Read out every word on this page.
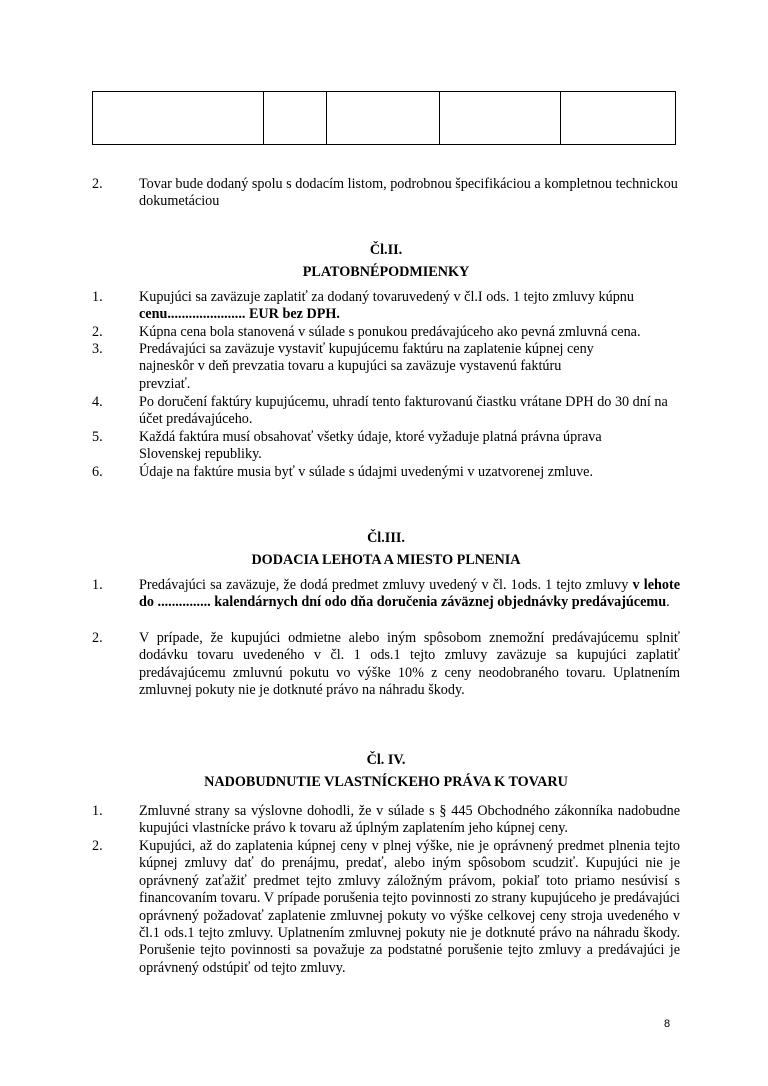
2.	Tovar bude dodaný spolu s dodacím listom, podrobnou špecifikáciou a kompletnou technickou dokumetáciou
Čl.II.
PLATOBNÉPODMIENKY
1.	Kupujúci sa zaväzuje zaplatiť za dodaný tovaruvedený v čl.I ods. 1 tejto zmluvy kúpnu cenu...................... EUR bez DPH.
2.	Kúpna cena bola stanovená v súlade s ponukou predávajúceho ako pevná zmluvná cena.
3.	Predávajúci sa zaväzuje vystaviť kupujúcemu faktúru na zaplatenie kúpnej ceny najneskôr v deň prevzatia tovaru a kupujúci sa zaväzuje vystavenú faktúru prevziať.
4.	Po doručení faktúry kupujúcemu, uhradí tento fakturovanú čiastku vrátane DPH do 30 dní na účet predávajúceho.
5.	Každá faktúra musí obsahovať všetky údaje, ktoré vyžaduje platná právna úprava Slovenskej republiky.
6.	Údaje na faktúre musia byť v súlade s údajmi uvedenými v uzatvorenej zmluve.
Čl.III.
DODACIA LEHOTA A MIESTO PLNENIA
1.	Predávajúci sa zaväzuje, že dodá predmet zmluvy uvedený v čl. 1ods. 1 tejto zmluvy v lehote do ............... kalendárnych dní odo dňa doručenia záväznej objednávky predávajúcemu.
2.	V prípade, že kupujúci odmietne alebo iným spôsobom znemožní predávajúcemu splniť dodávku tovaru uvedeného v čl. 1 ods.1 tejto zmluvy zaväzuje sa kupujúci zaplatiť predávajúcemu zmluvnú pokutu vo výške 10% z ceny neodobraného tovaru. Uplatnením zmluvnej pokuty nie je dotknuté právo na náhradu škody.
Čl. IV.
NADOBUDNUTIE VLASTNÍCKEHO PRÁVA K TOVARU
1.	Zmluvné strany sa výslovne dohodli, že v súlade s § 445 Obchodného zákonníka nadobudne kupujúci vlastnícke právo k tovaru až úplným zaplatením jeho kúpnej ceny.
2.	Kupujúci, až do zaplatenia kúpnej ceny v plnej výške, nie je oprávnený predmet plnenia tejto kúpnej zmluvy dať do prenájmu, predať, alebo iným spôsobom scudziť. Kupujúci nie je oprávnený zaťažiť predmet tejto zmluvy záložným právom, pokiaľ toto priamo nesúvisí s financovaním tovaru. V prípade porušenia tejto povinnosti zo strany kupujúceho je predávajúci oprávnený požadovať zaplatenie zmluvnej pokuty vo výške celkovej ceny stroja uvedeného v čl.1 ods.1 tejto zmluvy. Uplatnením zmluvnej pokuty nie je dotknuté právo na náhradu škody. Porušenie tejto povinnosti sa považuje za podstatné porušenie tejto zmluvy a predávajúci je oprávnený odstúpiť od tejto zmluvy.
8
